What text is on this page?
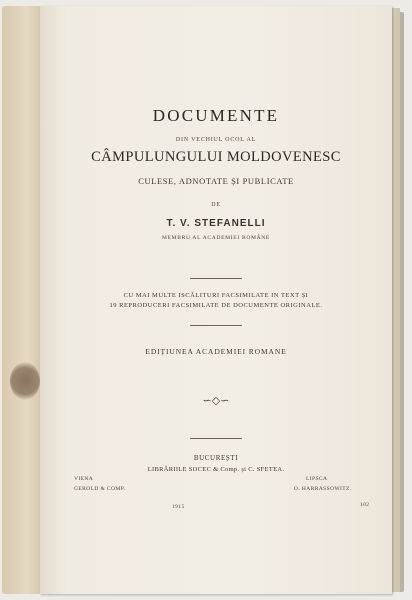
DOCUMENTE
DIN VECHIUL OCOL AL
CÂMPULUNGULUI MOLDOVENESC
CULESE, ADNOTATE ȘI PUBLICATE
DE
T. V. STEFANELLI
MEMBRU AL ACADEMIEI ROMÂNE
CU MAI MULTE ISCĂLITURI FACSIMILATE IN TEXT ȘI
19 REPRODUCERI FACSIMILATE DE DOCUMENTE ORIGINALE.
EDIȚIUNEA ACADEMIEI ROMANE
∽◇∽
BUCUREȘTI
LIBRĂRIILE SOCEC & Comp. și C. SFETEA.
VIENA
GEROLD & COMP.
LIPSCA
O. HARRASSOWITZ.
1915	102
